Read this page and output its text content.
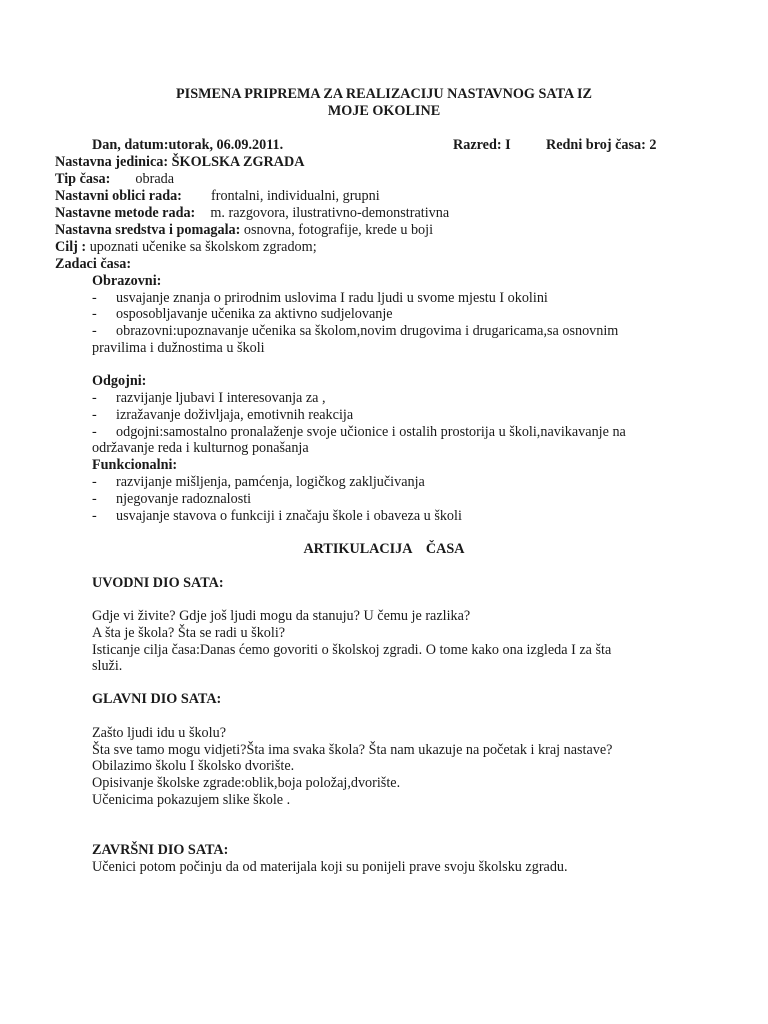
PISMENA PRIPREMA ZA REALIZACIJU NASTAVNOG SATA IZ
MOJE OKOLINE
Dan, datum:utorak, 06.09.2011.	Razred: I Redni broj časa: 2
Nastavna jedinica: ŠKOLSKA ZGRADA
Tip časa: obrada
Nastavni oblici rada: frontalni, individualni, grupni
Nastavne metode rada: m. razgovora, ilustrativno-demonstrativna
Nastavna sredstva i pomagala: osnovna, fotografije, krede u boji
Cilj : upoznati učenike sa školskom zgradom;
Zadaci časa:
Obrazovni:
- usvajanje znanja o prirodnim uslovima I radu ljudi u svome mjestu I okolini
- osposobljavanje učenika za aktivno sudjelovanje
- obrazovni:upoznavanje učenika sa školom,novim drugovima i drugaricama,sa osnovnim
pravilima i dužnostima u školi
Odgojni:
- razvijanje ljubavi I interesovanja za ,
- izražavanje doživljaja, emotivnih reakcija
- odgojni:samostalno pronalaženje svoje učionice i ostalih prostorija u školi,navikavanje na
održavanje reda i kulturnog ponašanja
Funkcionalni:
- razvijanje mišljenja, pamćenja, logičkog zaključivanja
- njegovanje radoznalosti
- usvajanje stavova o funkciji i značaju škole i obaveza u školi
ARTIKULACIJA    ČASA
UVODNI DIO SATA:
Gdje vi živite? Gdje još ljudi mogu da stanuju? U čemu je razlika?
A šta je škola? Šta se radi u školi?
Isticanje cilja časa:Danas ćemo govoriti o školskoj zgradi. O tome kako ona izgleda I za šta
služi.
GLAVNI DIO SATA:
Zašto ljudi idu u školu?
Šta sve tamo mogu vidjeti?Šta ima svaka škola? Šta nam ukazuje na početak i kraj nastave?
Obilazimo školu I školsko dvorište.
Opisivanje školske zgrade:oblik,boja položaj,dvorište.
Učenicima pokazujem slike škole .
ZAVRŠNI DIO SATA:
Učenici potom počinju da od materijala koji su ponijeli prave svoju školsku zgradu.
